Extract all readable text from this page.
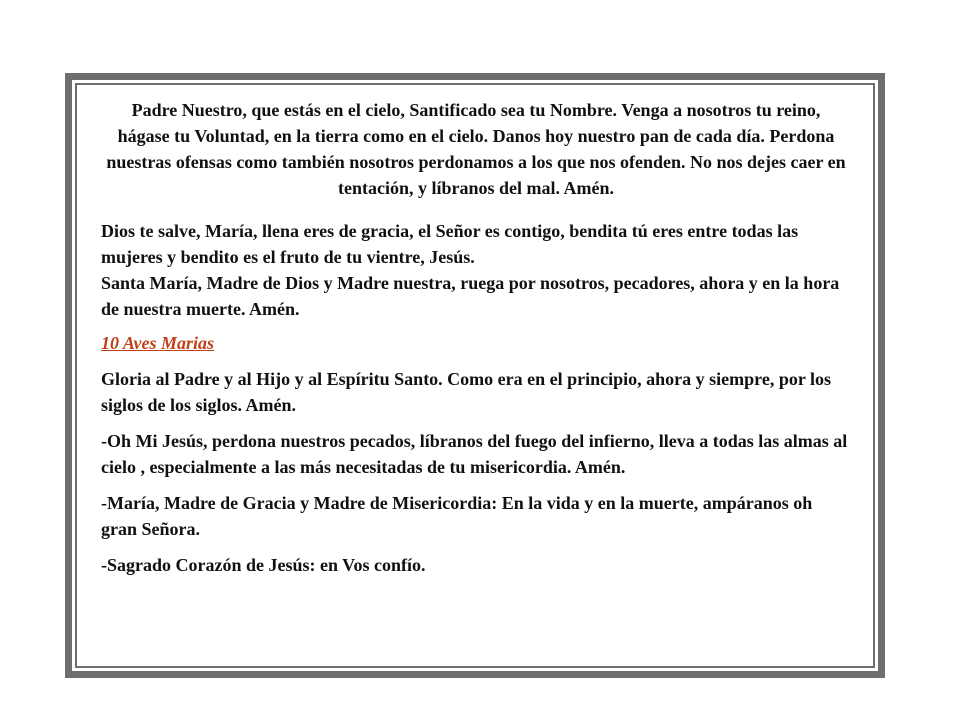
Padre Nuestro, que estás en el cielo, Santificado sea tu Nombre. Venga a nosotros tu reino, hágase tu Voluntad, en la tierra como en el cielo. Danos hoy nuestro pan de cada día. Perdona nuestras ofensas como también nosotros perdonamos a los que nos ofenden. No nos dejes caer en tentación, y líbranos del mal. Amén.

Dios te salve, María, llena eres de gracia, el Señor es contigo, bendita tú eres entre todas las mujeres y bendito es el fruto de tu vientre, Jesús.

Santa María, Madre de Dios y Madre nuestra, ruega por nosotros, pecadores, ahora y en la hora de nuestra muerte. Amén.

10 Aves Marias

Gloria al Padre y al Hijo y al Espíritu Santo. Como era en el principio, ahora y siempre, por los siglos de los siglos. Amén.

-Oh Mi Jesús, perdona nuestros pecados, líbranos del fuego del infierno, lleva a todas las almas al cielo , especialmente a las más necesitadas de tu misericordia. Amén.

-María, Madre de Gracia y Madre de Misericordia: En la vida y en la muerte, ampáranos oh gran Señora.

-Sagrado Corazón de Jesús: en Vos confío.
